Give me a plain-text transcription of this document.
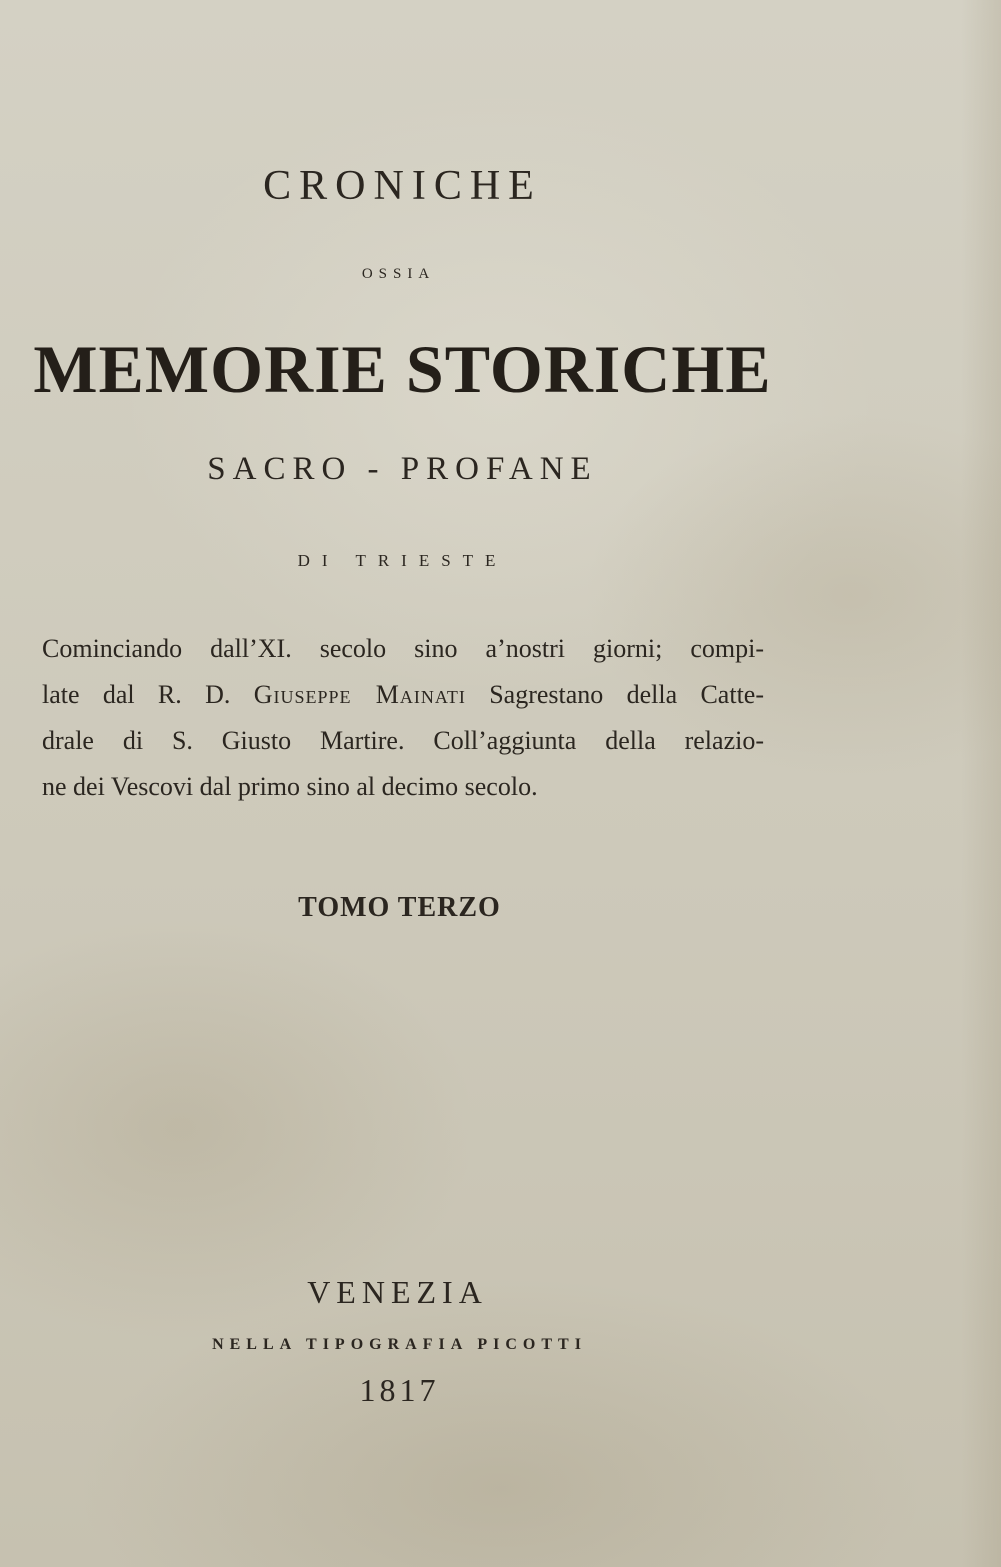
CRONICHE
OSSIA
MEMORIE STORICHE
SACRO - PROFANE
DI TRIESTE
Cominciando dall’XI. secolo sino a’nostri giorni; compi-
late dal R. D. Giuseppe Mainati Sagrestano della Catte-
drale di S. Giusto Martire. Coll’aggiunta della relazio-
ne dei Vescovi dal primo sino al decimo secolo.
TOMO TERZO
VENEZIA
NELLA TIPOGRAFIA PICOTTI
1817
